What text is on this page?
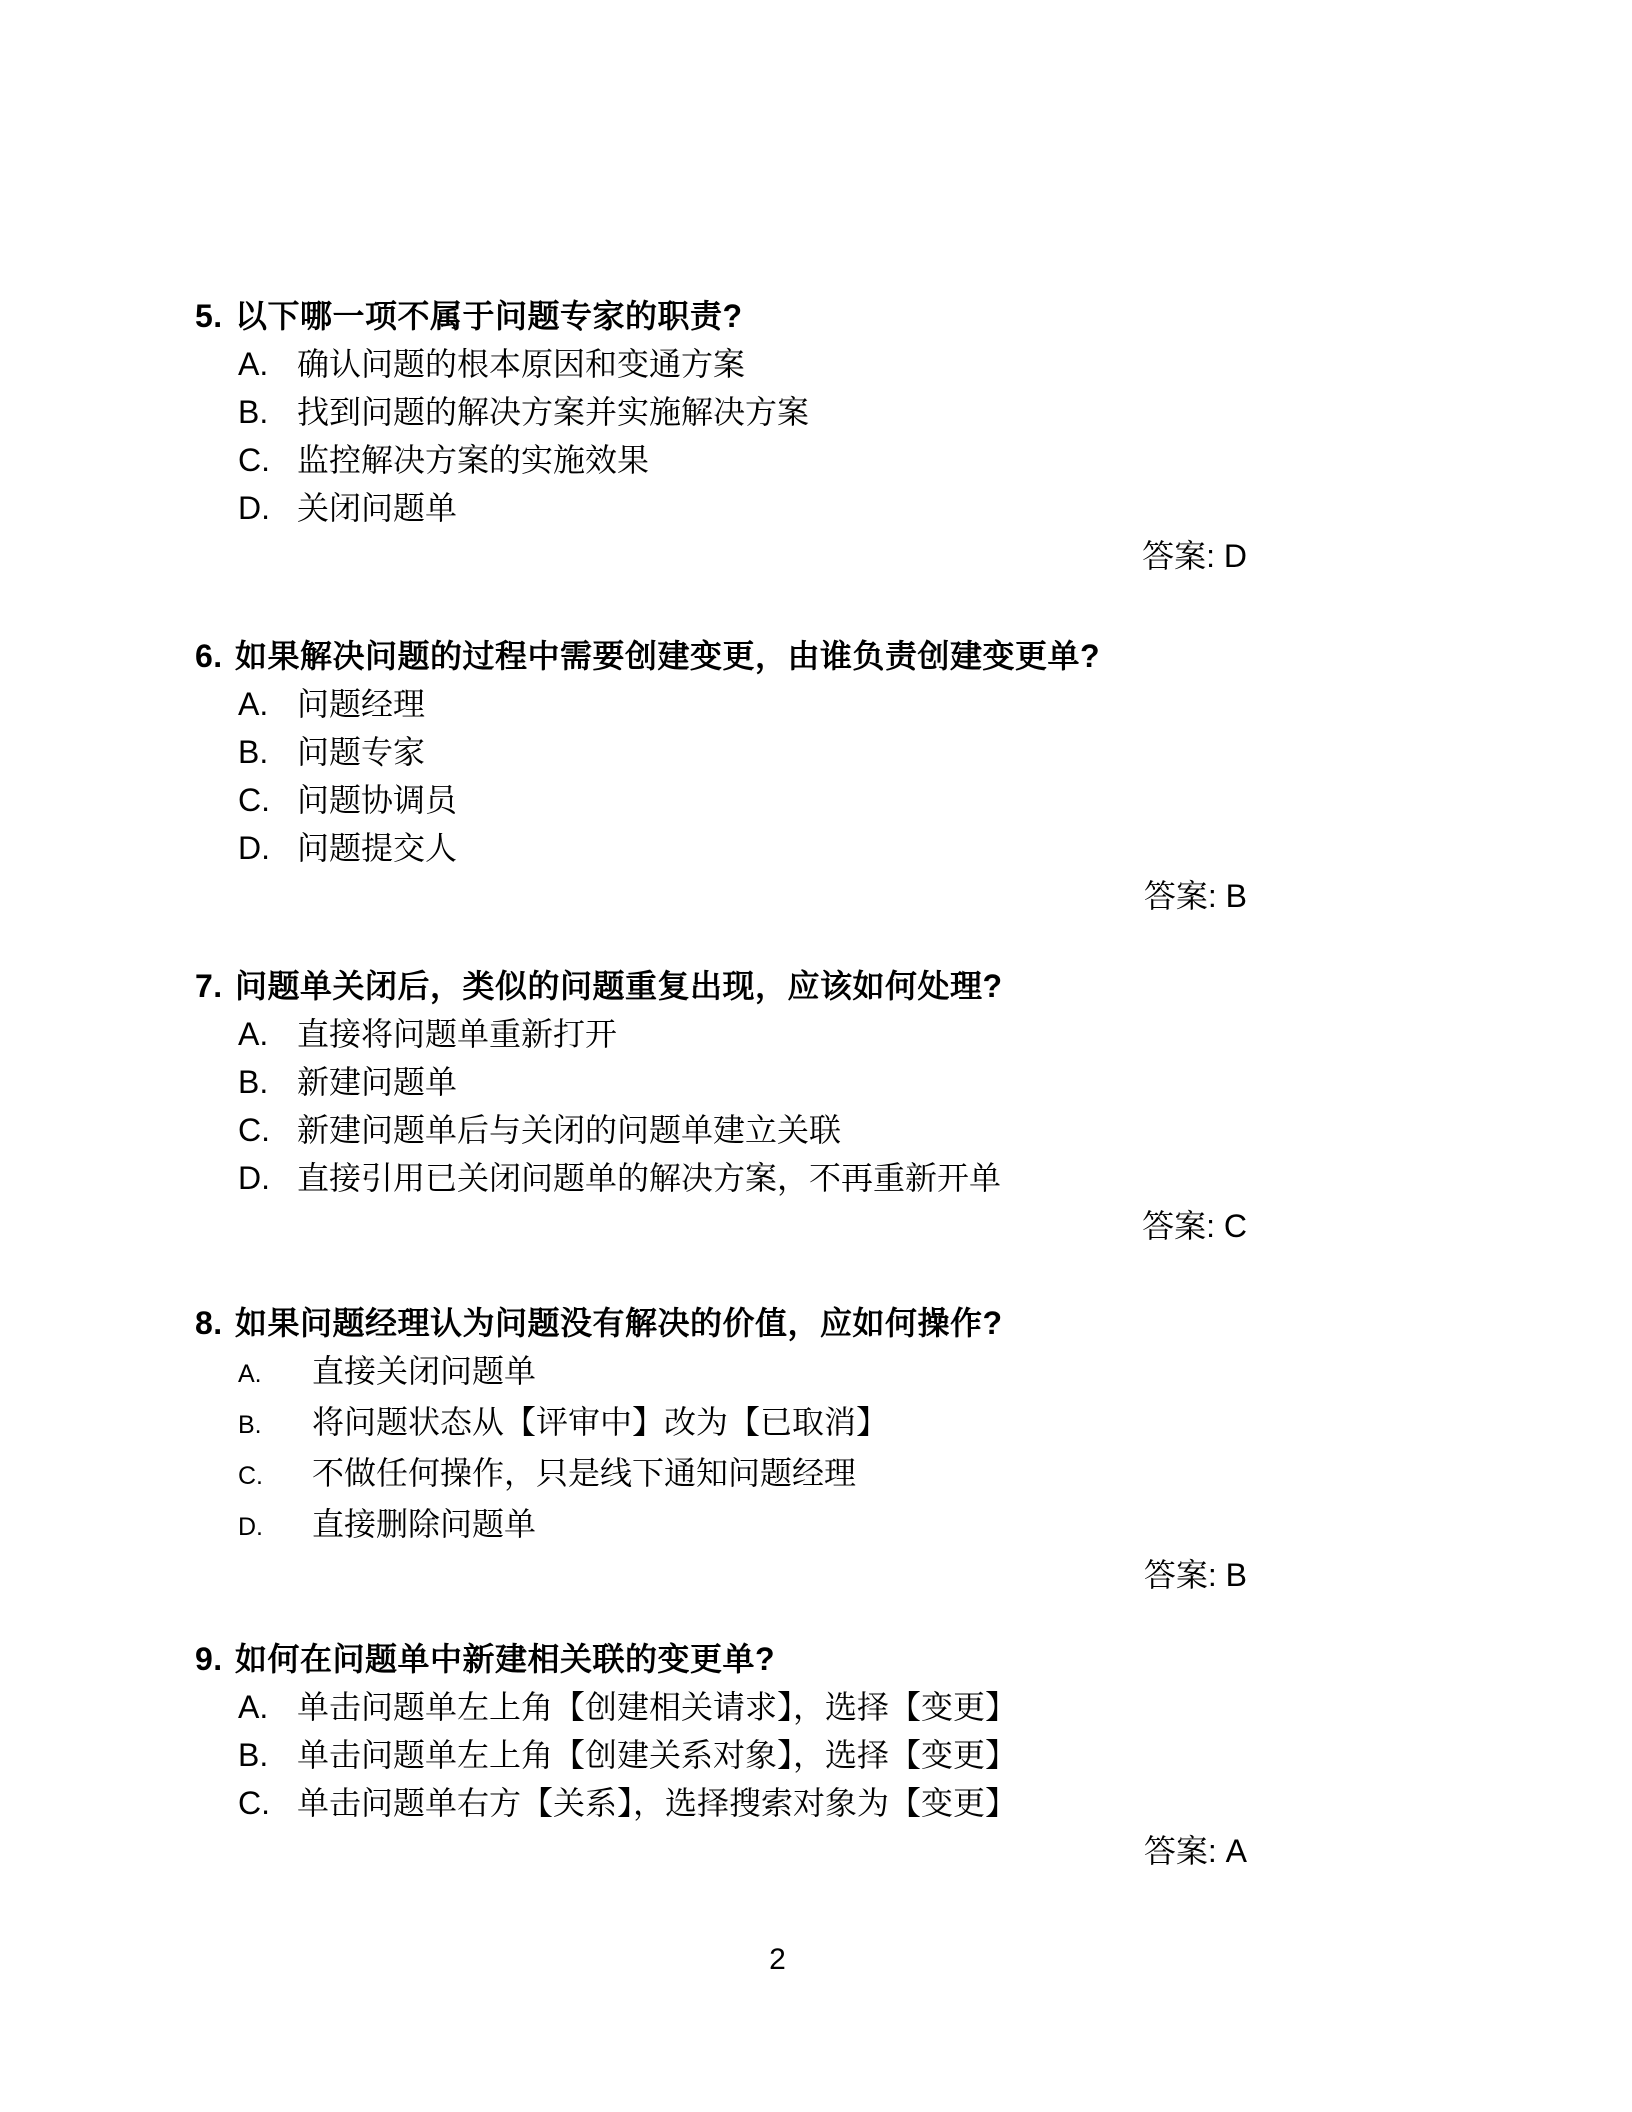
5. 以下哪一项不属于问题专家的职责?
A. 确认问题的根本原因和变通方案
B. 找到问题的解决方案并实施解决方案
C. 监控解决方案的实施效果
D. 关闭问题单
答案: D
6. 如果解决问题的过程中需要创建变更，由谁负责创建变更单?
A. 问题经理
B. 问题专家
C. 问题协调员
D. 问题提交人
答案: B
7. 问题单关闭后，类似的问题重复出现，应该如何处理?
A. 直接将问题单重新打开
B. 新建问题单
C. 新建问题单后与关闭的问题单建立关联
D. 直接引用已关闭问题单的解决方案，不再重新开单
答案: C
8. 如果问题经理认为问题没有解决的价值，应如何操作?
A.	直接关闭问题单
B.	将问题状态从【评审中】改为【已取消】
C.	不做任何操作，只是线下通知问题经理
D.	直接删除问题单
答案: B
9. 如何在问题单中新建相关联的变更单?
A. 单击问题单左上角【创建相关请求】，选择【变更】
B. 单击问题单左上角【创建关系对象】，选择【变更】
C. 单击问题单右方【关系】，选择搜索对象为【变更】
答案: A
2
